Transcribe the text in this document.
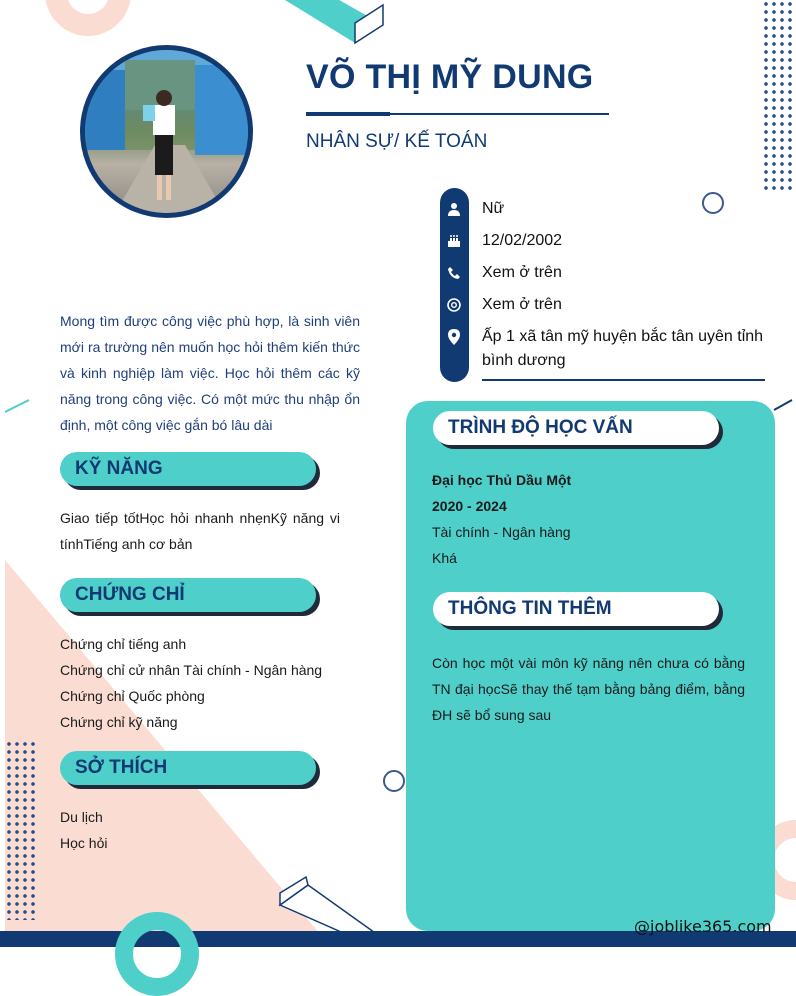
VÕ THỊ MỸ DUNG
NHÂN SỰ/ KẾ TOÁN
Nữ
12/02/2002
Xem ở trên
Xem ở trên
Ấp 1 xã tân mỹ huyện bắc tân uyên tỉnh bình dương
Mong tìm được công việc phù hợp, là sinh viên mới ra trường nên muốn học hỏi thêm kiến thức và kinh nghiệp làm việc. Học hỏi thêm các kỹ năng trong công việc. Có một mức thu nhập ổn định, một công việc gắn bó lâu dài
KỸ NĂNG
Giao tiếp tốtHọc hỏi nhanh nhẹnKỹ năng vi tínhTiếng anh cơ bản
CHỨNG CHỈ
Chứng chỉ tiếng anh
Chứng chỉ cử nhân Tài chính - Ngân hàng
Chứng chỉ Quốc phòng
Chứng chỉ kỹ năng
SỞ THÍCH
Du lịch
Học hỏi
TRÌNH ĐỘ HỌC VẤN
Đại học Thủ Dầu Một
2020 - 2024
Tài chính - Ngân hàng
Khá
THÔNG TIN THÊM
Còn học một vài môn kỹ năng nên chưa có bằng TN đại họcSẽ thay thế tạm bằng bảng điểm, bằng ĐH sẽ bổ sung sau
@joblike365.com
